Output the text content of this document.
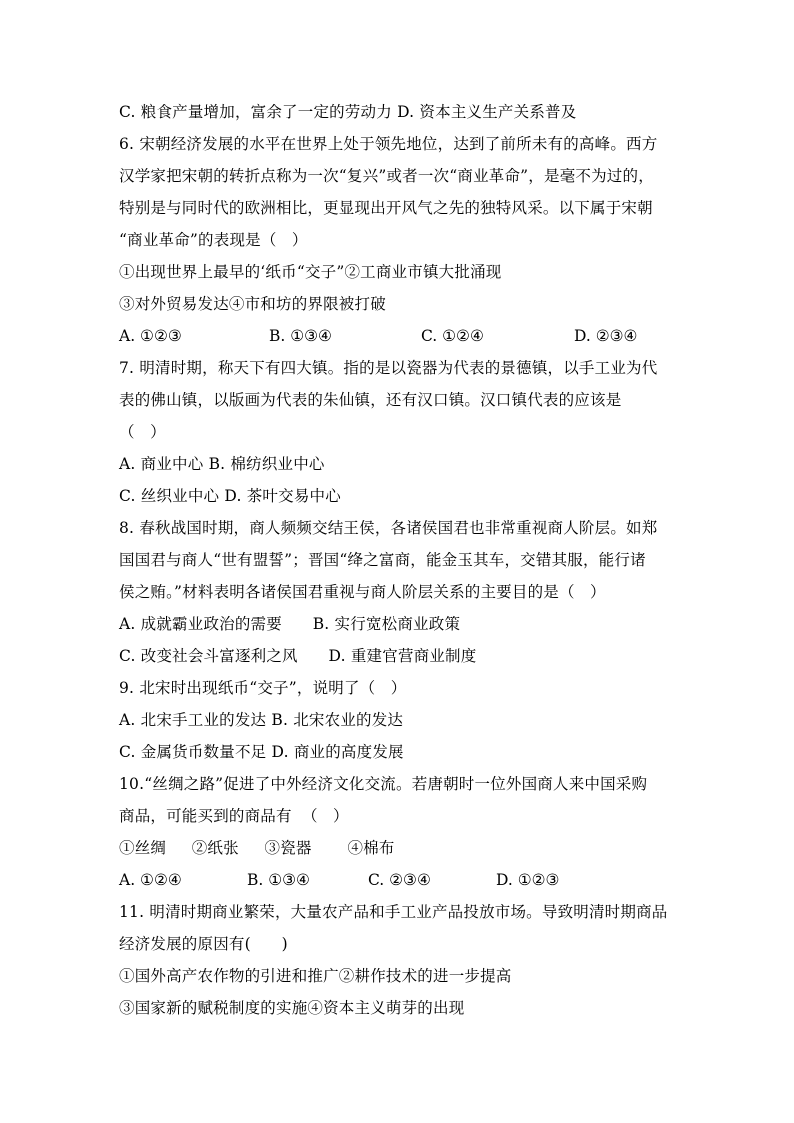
C. 粮食产量增加，富余了一定的劳动力 D. 资本主义生产关系普及
6. 宋朝经济发展的水平在世界上处于领先地位，达到了前所未有的高峰。西方
汉学家把宋朝的转折点称为一次“复兴”或者一次“商业革命”，是毫不为过的，
特别是与同时代的欧洲相比，更显现出开风气之先的独特风采。以下属于宋朝
“商业革命”的表现是（   ）
①出现世界上最早的‘纸币“交子”②工商业市镇大批涌现
③对外贸易发达④市和坊的界限被打破
A. ①②③	B. ①③④	C. ①②④	D. ②③④
7. 明清时期，称天下有四大镇。指的是以瓷器为代表的景德镇，以手工业为代
表的佛山镇，以版画为代表的朱仙镇，还有汉口镇。汉口镇代表的应该是
（   ）
A. 商业中心 B. 棉纺织业中心
C. 丝织业中心 D. 茶叶交易中心
8. 春秋战国时期，商人频频交结王侯，各诸侯国君也非常重视商人阶层。如郑
国国君与商人“世有盟誓”；晋国“绛之富商，能金玉其车，交错其服，能行诸
侯之贿。”材料表明各诸侯国君重视与商人阶层关系的主要目的是（   ）
A. 成就霸业政治的需要      B. 实行宽松商业政策
C. 改变社会斗富逐利之风      D. 重建官营商业制度
9. 北宋时出现纸币“交子”，说明了（   ）
A. 北宋手工业的发达 B. 北宋农业的发达
C. 金属货币数量不足 D. 商业的高度发展
10.“丝绸之路”促进了中外经济文化交流。若唐朝时一位外国商人来中国采购
商品，可能买到的商品有  （   ）
①丝绸     ②纸张     ③瓷器       ④棉布
A. ①②④	B. ①③④	C. ②③④	D. ①②③
11. 明清时期商业繁荣，大量农产品和手工业产品投放市场。导致明清时期商品
经济发展的原因有(      )
①国外高产农作物的引进和推广②耕作技术的进一步提高
③国家新的赋税制度的实施④资本主义萌芽的出现
